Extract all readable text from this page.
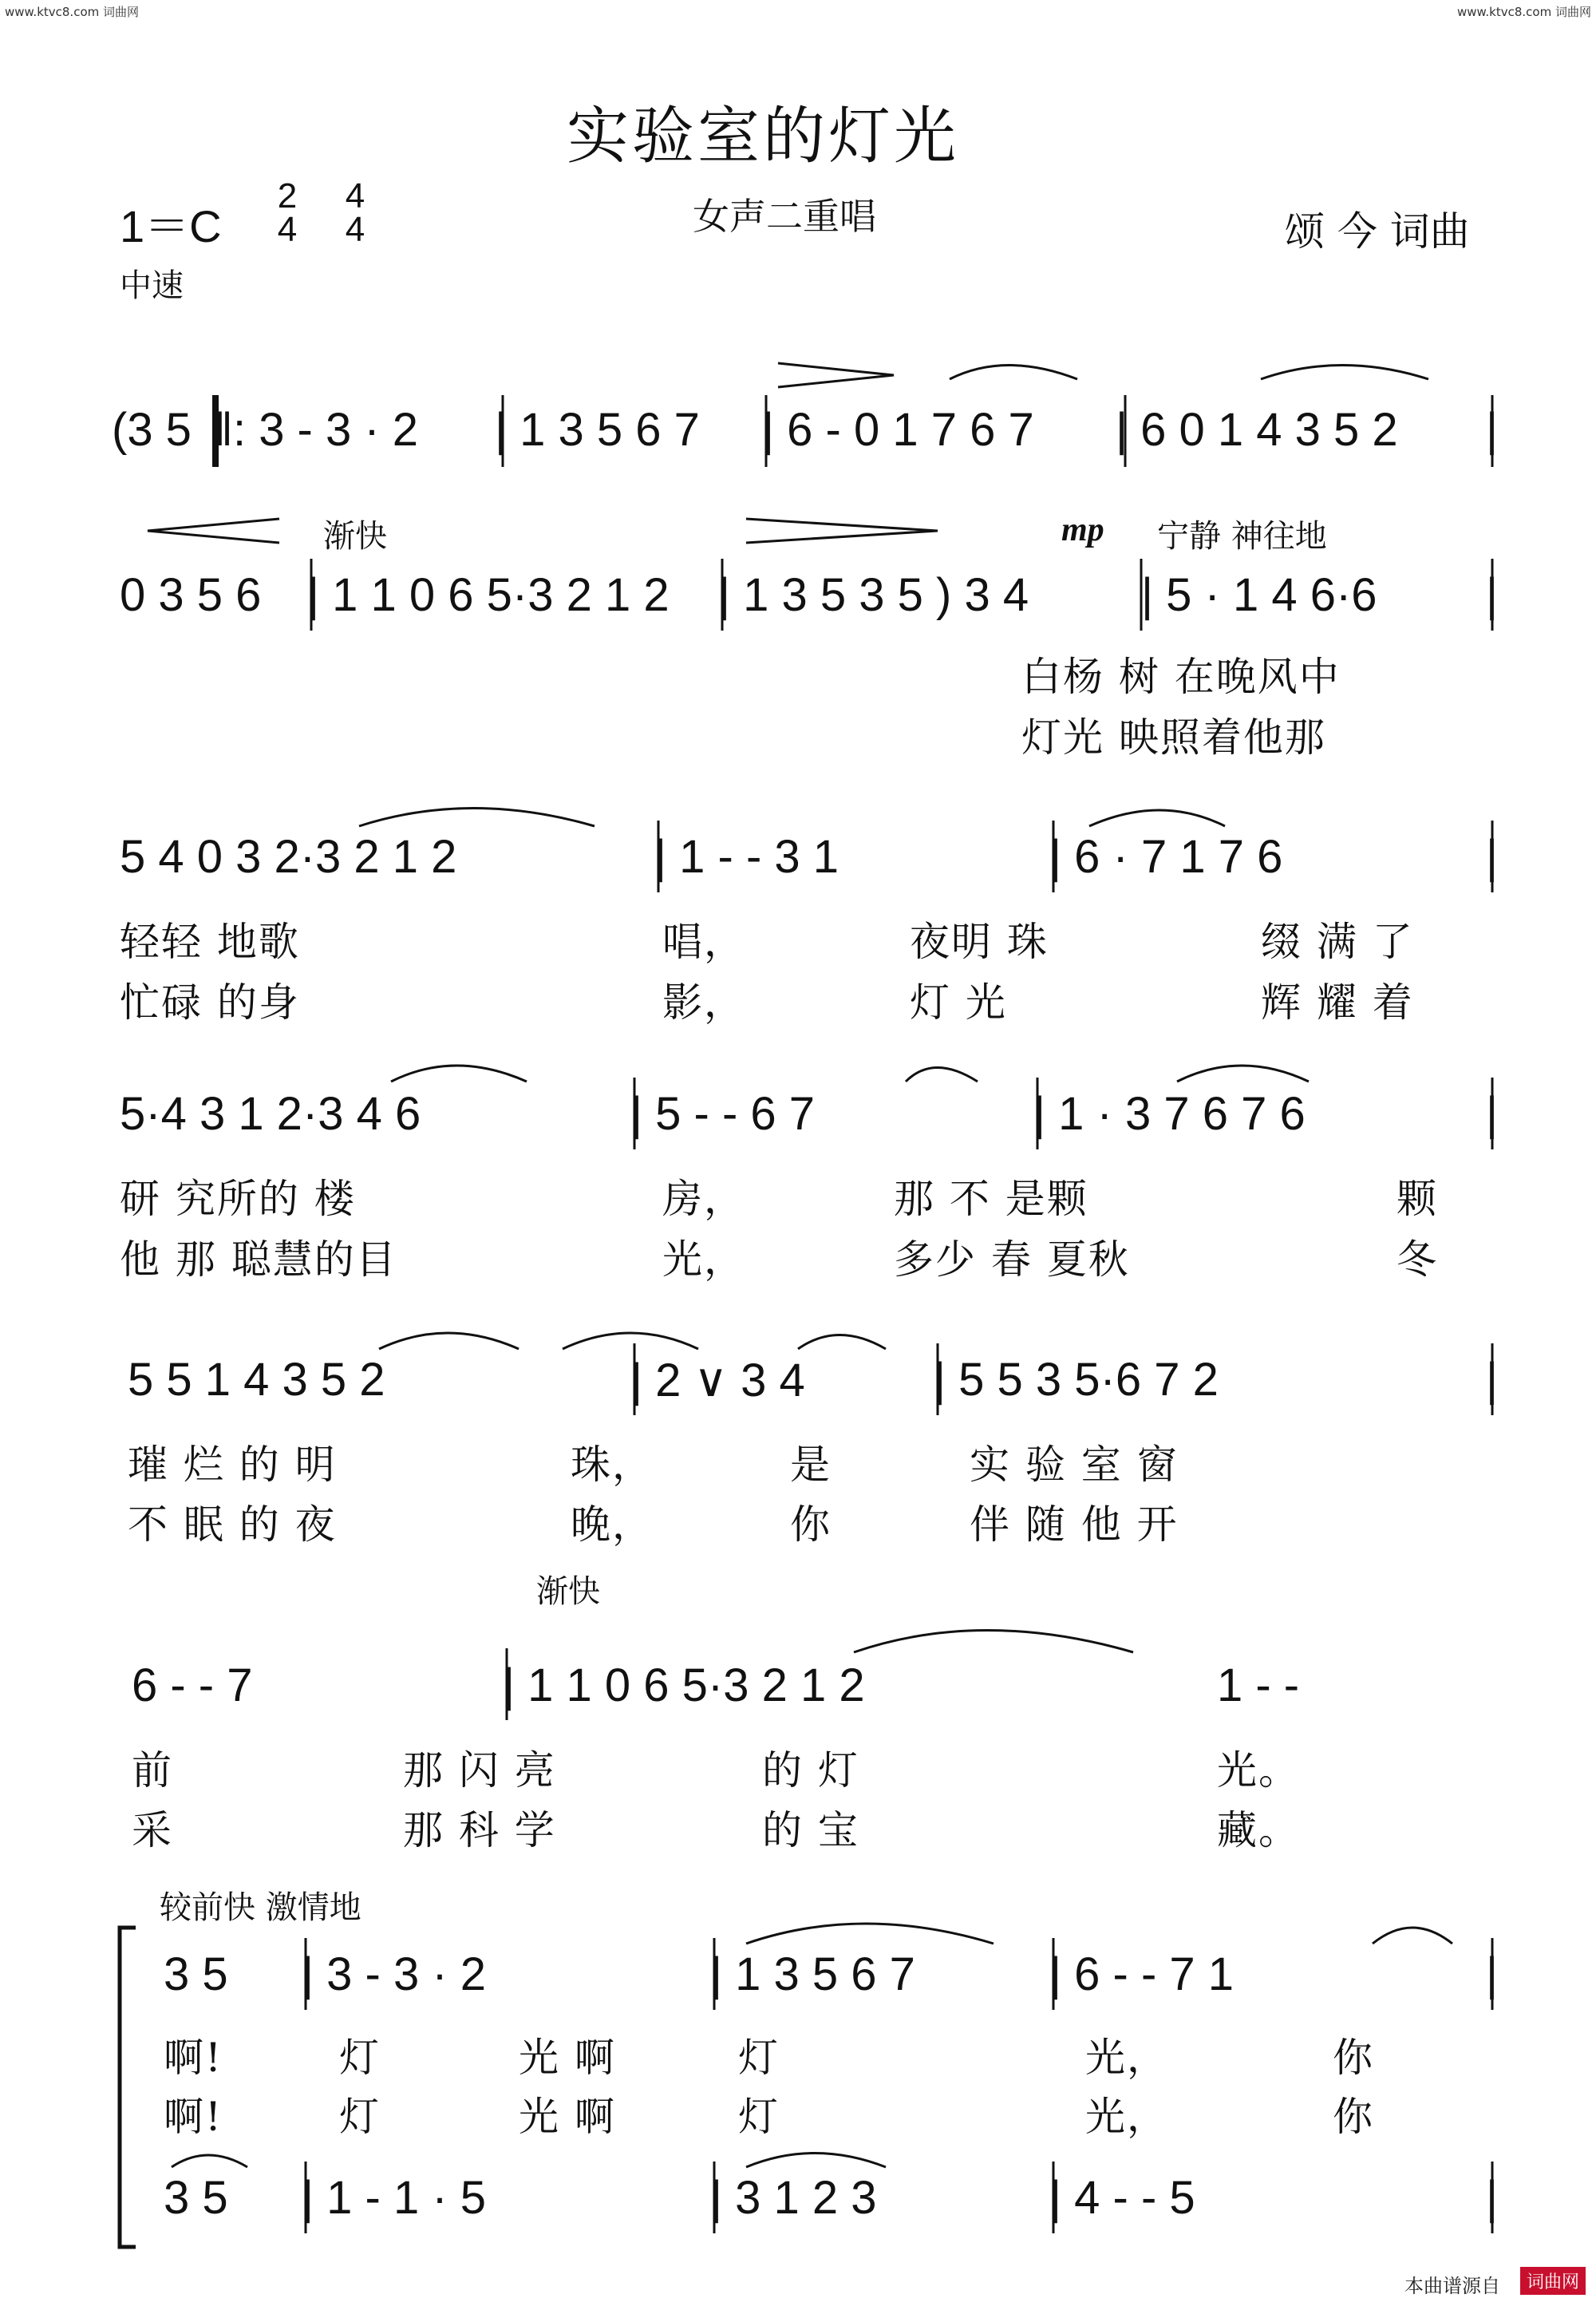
www.ktvc8.com 词曲网	www.ktvc8.com 词曲网
实验室的灯光
女声二重唱
1＝C
2
4
4
4
中速
颂 今 词曲
(3 5 ‖: 3 - 3 · 2 | 1 3 5 6 7 | 6 - 0 1 7 6 7 | 6 0 1 4 3 5 2 |
渐快	mp 宁静 神往地
0 3 5 6 | 1 1 0 6 5·3 2 1 2 | 1 3 5 3 5 ) 3 4 | 5 · 1 4 6·6 |
白杨 树 在晚风中
灯光 映照着他那
5 4 0 3 2·3 2 1 2	| 1 - - 3 1	| 6 · 7 1 7 6	|
轻轻 地歌	唱，	夜明 珠	缀 满 了
忙碌 的身	影，	灯 光	辉 耀 着
5·4 3 1 2·3 4 6	| 5 - - 6 7	| 1 · 3 7 6 7 6	|
研 究所的 楼	房，	那 不 是颗	颗
他 那 聪慧的目	光，	多少 春 夏秋	冬
5 5 1 4 3 5 2	| 2 ∨ 3 4	| 5 5 3 5·6 7 2	|
璀 烂 的 明	珠，	是	实 验 室 窗
不 眠 的 夜	晚，	你	伴 随 他 开
渐快
6 - - 7	| 1 1 0 6 5·3 2 1 2	1 - -
前	那 闪 亮	的 灯	光。
采	那 科 学	的 宝	藏。
较前快 激情地
3 5 | 3 - 3 · 2	| 1 3 5 6 7	| 6 - - 7 1	|
啊!	灯	光 啊	灯	光，	你
啊!	灯	光 啊	灯	光，	你
3 5 | 1 - 1 · 5	| 3 1 2 3	| 4 - - 5	|
本曲谱源自	词曲网
